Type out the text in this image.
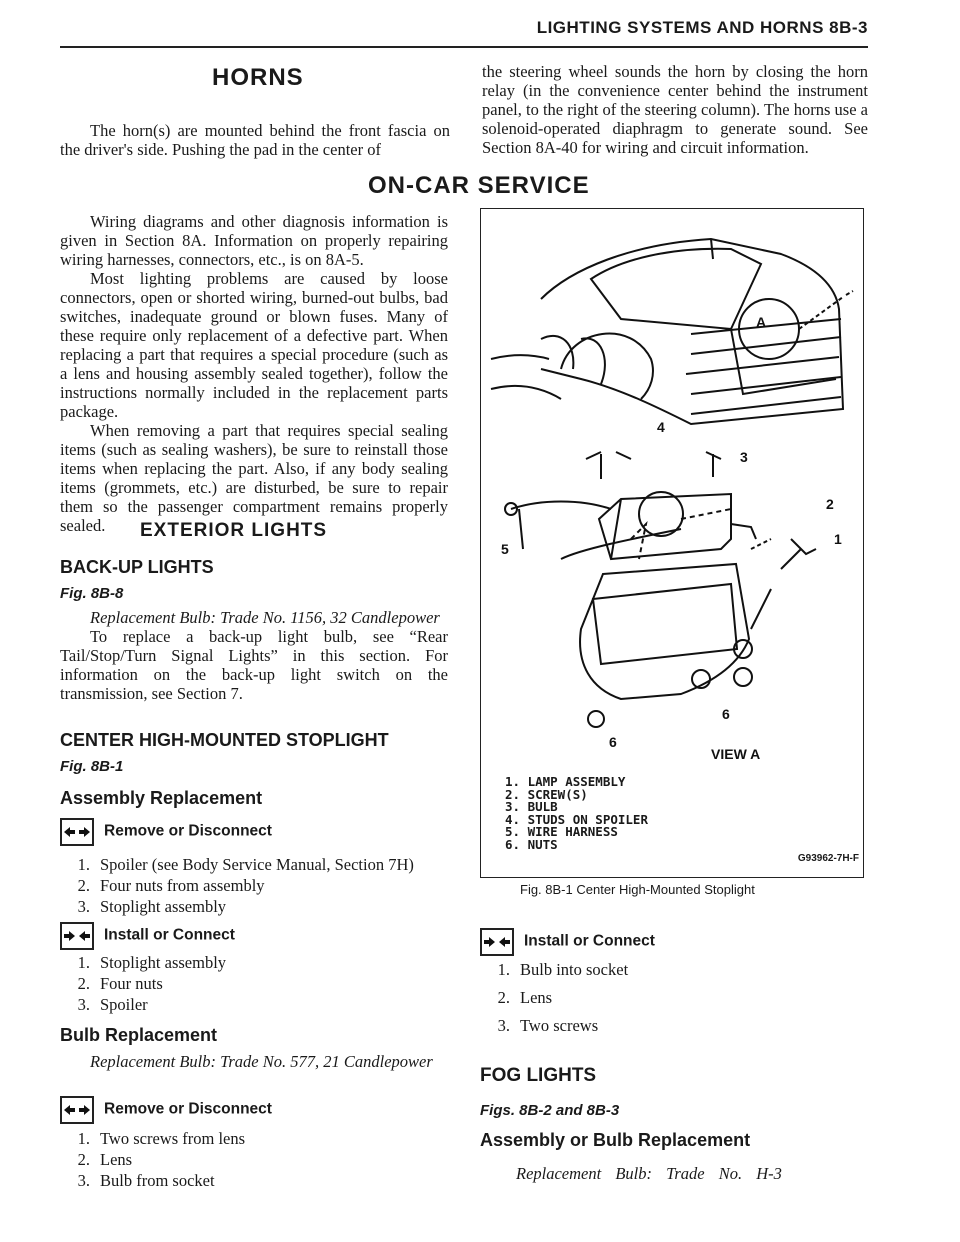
LIGHTING SYSTEMS AND HORNS 8B-3
HORNS

The horn(s) are mounted behind the front fascia on the driver's side. Pushing the pad in the center of

the steering wheel sounds the horn by closing the horn relay (in the convenience center behind the instrument panel, to the right of the steering column). The horns use a solenoid-operated diaphragm to generate sound. See Section 8A-40 for wiring and circuit information.

ON-CAR SERVICE

Wiring diagrams and other diagnosis information is given in Section 8A. Information on properly repairing wiring harnesses, connectors, etc., is on 8A-5.

Most lighting problems are caused by loose connectors, open or shorted wiring, burned-out bulbs, bad switches, inadequate ground or blown fuses. Many of these require only replacement of a defective part. When replacing a part that requires a special procedure (such as a lens and housing assembly sealed together), follow the instructions normally included in the replacement parts package.

When removing a part that requires special sealing items (such as sealing washers), be sure to reinstall those items when replacing the part. Also, if any body sealing items (grommets, etc.) are disturbed, be sure to repair them so the passenger compartment remains properly sealed.	EXTERIOR LIGHTS
BACK-UP LIGHTS
Fig. 8B-8

Replacement Bulb: Trade No. 1156, 32 Candlepower

To replace a back-up light bulb, see “Rear Tail/Stop/Turn Signal Lights” in this section. For information on the back-up light switch on the transmission, see Section 7.

CENTER HIGH-MOUNTED STOPLIGHT
Fig. 8B-1
Assembly Replacement
Remove or Disconnect
1. Spoiler (see Body Service Manual, Section 7H)
2. Four nuts from assembly
3. Stoplight assembly
Install or Connect
1. Stoplight assembly
2. Four nuts
3. Spoiler
Bulb Replacement

Replacement Bulb: Trade No. 577, 21 Candlepower

Remove or Disconnect
1. Two screws from lens
2. Lens
3. Bulb from socket
A
1
2
3
4
5
6
6
VIEW A
1. LAMP ASSEMBLY
2. SCREW(S)
3. BULB
4. STUDS ON SPOILER
5. WIRE HARNESS
6. NUTS
G93962-7H-F
Fig. 8B-1 Center High-Mounted Stoplight
Install or Connect
1. Bulb into socket
2. Lens
3. Two screws
FOG LIGHTS
Figs. 8B-2 and 8B-3
Assembly or Bulb Replacement
Replacement Bulb: Trade No. H-3
